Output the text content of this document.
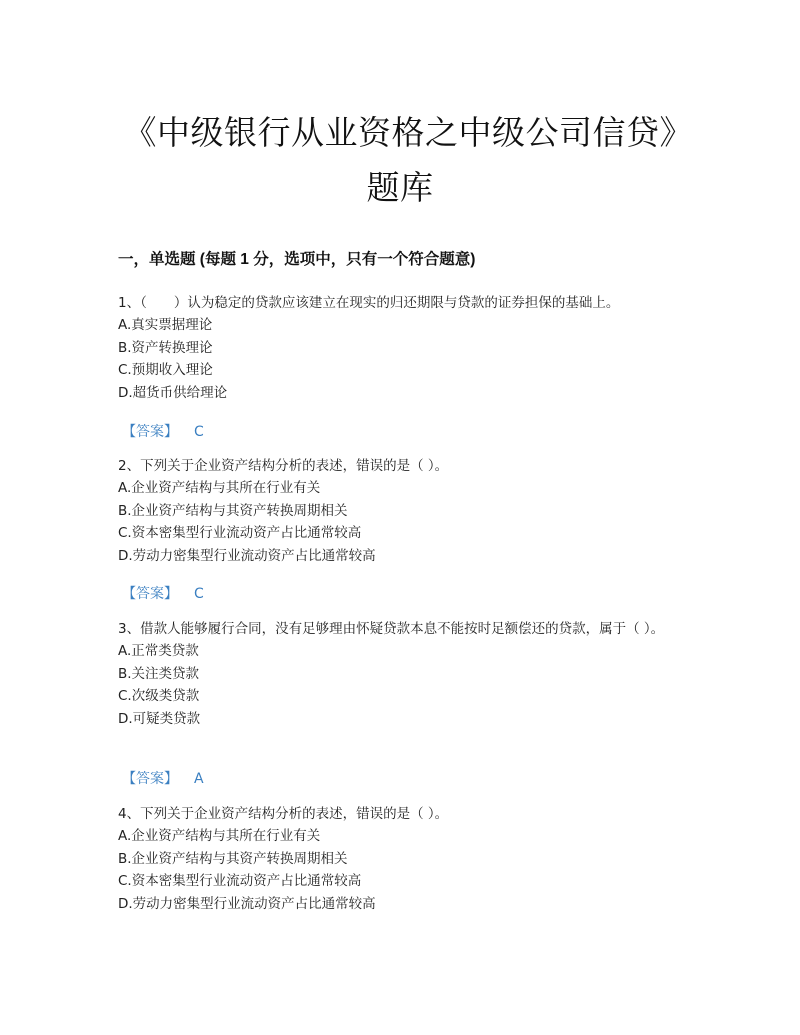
《中级银行从业资格之中级公司信贷》题库
一，单选题 (每题 1 分，选项中，只有一个符合题意)
1、（　　）认为稳定的贷款应该建立在现实的归还期限与贷款的证券担保的基础上。
A.真实票据理论
B.资产转换理论
C.预期收入理论
D.超货币供给理论
【答案】 C
2、下列关于企业资产结构分析的表述，错误的是（ ）。
A.企业资产结构与其所在行业有关
B.企业资产结构与其资产转换周期相关
C.资本密集型行业流动资产占比通常较高
D.劳动力密集型行业流动资产占比通常较高
【答案】 C
3、借款人能够履行合同，没有足够理由怀疑贷款本息不能按时足额偿还的贷款，属于（ ）。
A.正常类贷款
B.关注类贷款
C.次级类贷款
D.可疑类贷款
【答案】 A
4、下列关于企业资产结构分析的表述，错误的是（ ）。
A.企业资产结构与其所在行业有关
B.企业资产结构与其资产转换周期相关
C.资本密集型行业流动资产占比通常较高
D.劳动力密集型行业流动资产占比通常较高
